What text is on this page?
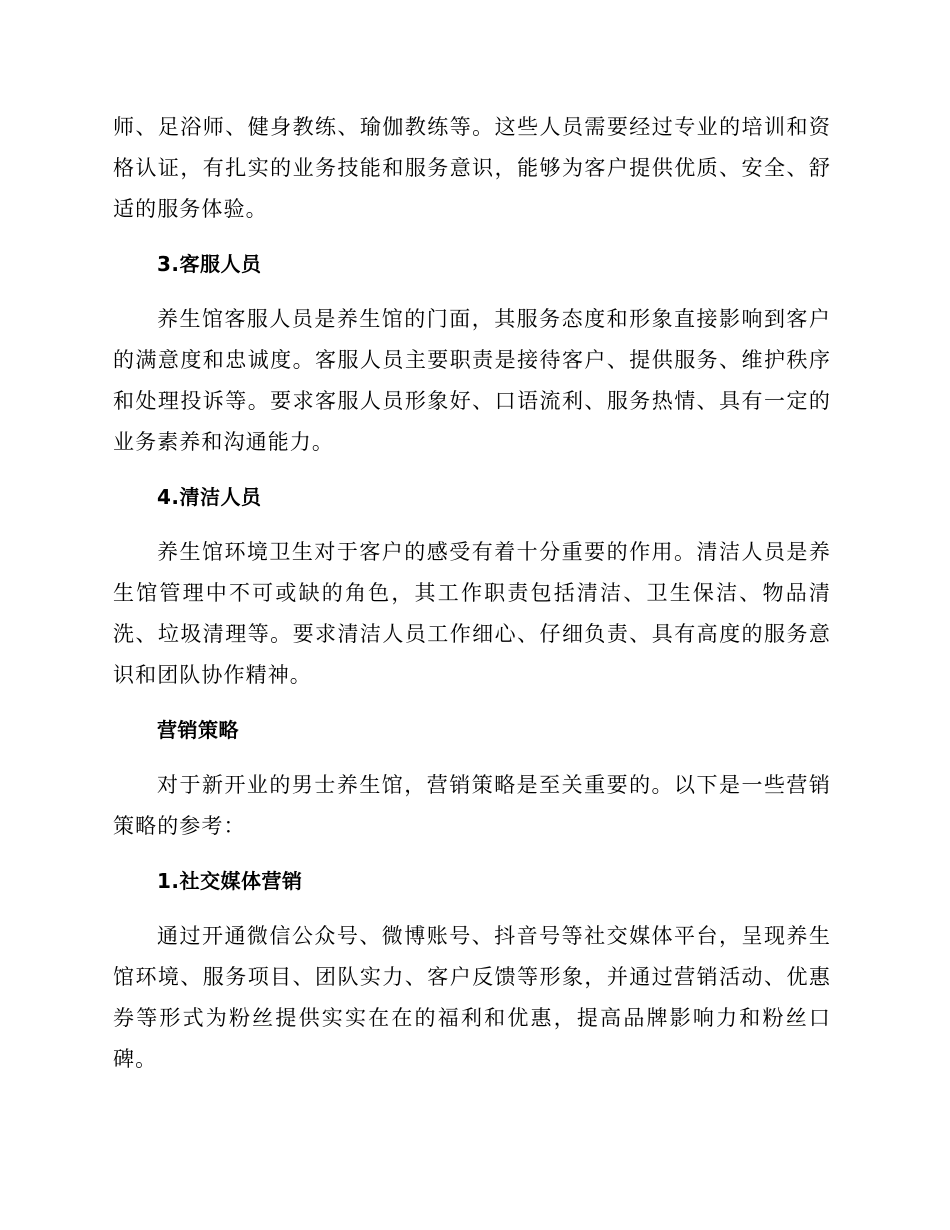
师、足浴师、健身教练、瑜伽教练等。这些人员需要经过专业的培训和资格认证，有扎实的业务技能和服务意识，能够为客户提供优质、安全、舒适的服务体验。

3.客服人员

养生馆客服人员是养生馆的门面，其服务态度和形象直接影响到客户的满意度和忠诚度。客服人员主要职责是接待客户、提供服务、维护秩序和处理投诉等。要求客服人员形象好、口语流利、服务热情、具有一定的业务素养和沟通能力。

4.清洁人员

养生馆环境卫生对于客户的感受有着十分重要的作用。清洁人员是养生馆管理中不可或缺的角色，其工作职责包括清洁、卫生保洁、物品清洗、垃圾清理等。要求清洁人员工作细心、仔细负责、具有高度的服务意识和团队协作精神。

营销策略

对于新开业的男士养生馆，营销策略是至关重要的。以下是一些营销策略的参考：

1.社交媒体营销

通过开通微信公众号、微博账号、抖音号等社交媒体平台，呈现养生馆环境、服务项目、团队实力、客户反馈等形象，并通过营销活动、优惠券等形式为粉丝提供实实在在的福利和优惠，提高品牌影响力和粉丝口碑。
